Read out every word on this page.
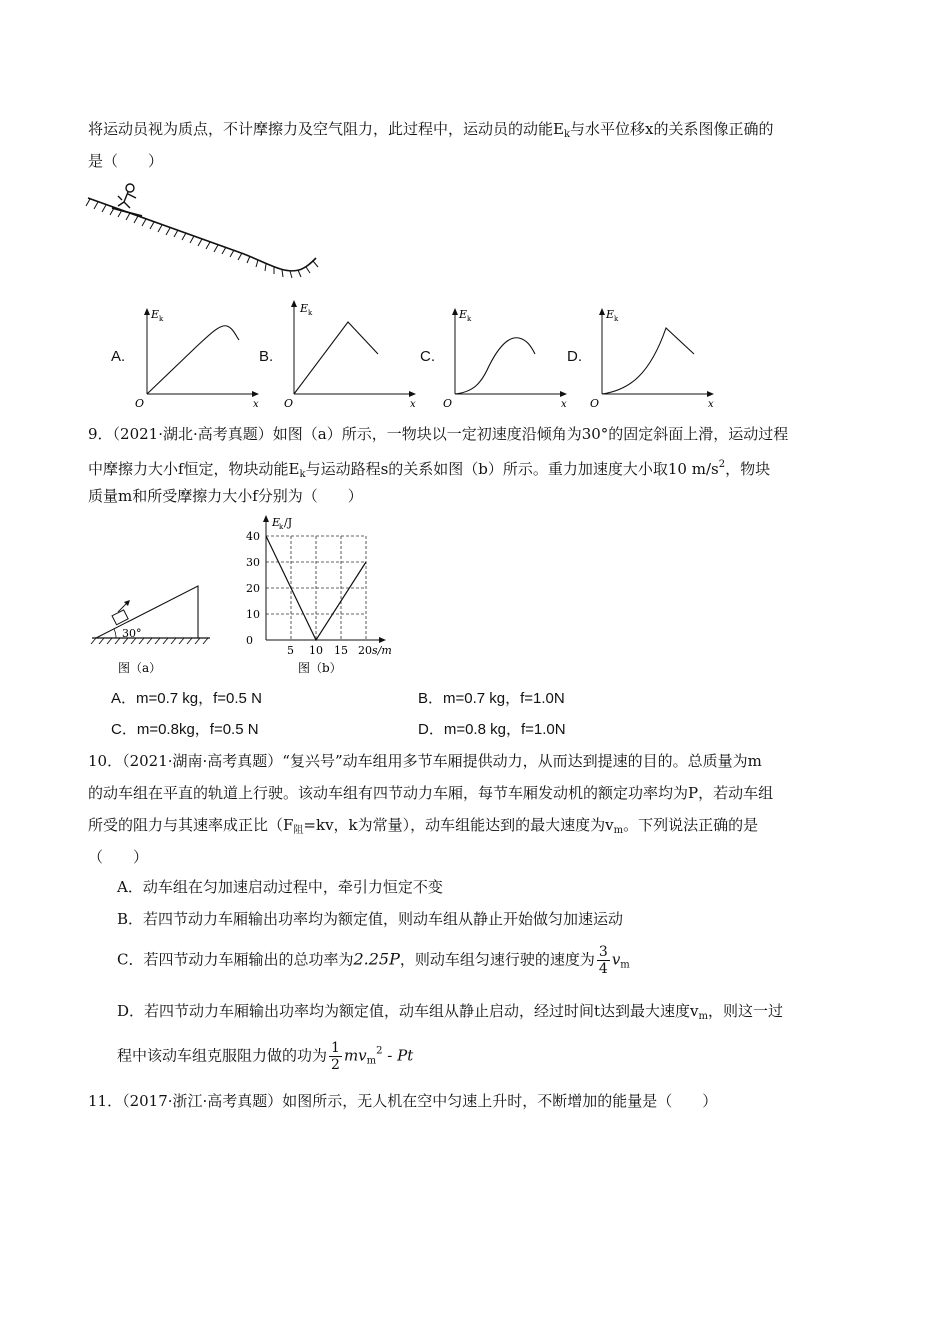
将运动员视为质点，不计摩擦力及空气阻力，此过程中，运动员的动能$E_k$与水平位移x的关系图像正确的
是（　　）
A.
E k
O	x
B.
E k
O	x
C.
E k
O	x
D.
E k
O	x
9．（2021·湖北·高考真题）如图（a）所示，一物块以一定初速度沿倾角为30°的固定斜面上滑，运动过程
中摩擦力大小f恒定，物块动能$E_k$与运动路程s的关系如图（b）所示。重力加速度大小取10 $m/s^2$，物块
质量m和所受摩擦力大小f分别为（　　）
30°
图（a）
E
k /J
0
10
20
30
40
5 10 15 20 s/m
图（b）
A．m=0.7 kg，f=0.5 N	B．m=0.7 kg，f=1.0N
C．m=0.8kg，f=0.5 N	D．m=0.8 kg，f=1.0N
10．（2021·湖南·高考真题）“复兴号”动车组用多节车厢提供动力，从而达到提速的目的。总质量为m
的动车组在平直的轨道上行驶。该动车组有四节动力车厢，每节车厢发动机的额定功率均为P，若动车组
所受的阻力与其速率成正比（$F_阻=kv$，k为常量），动车组能达到的最大速度为$v_m$。下列说法正确的是
（　　）
A．动车组在匀加速启动过程中，牵引力恒定不变
B．若四节动力车厢输出功率均为额定值，则动车组从静止开始做匀加速运动
C．若四节动力车厢输出的总功率为2.25P，则动车组匀速行驶的速度为 $\frac{3}{4} v_m$
D．若四节动力车厢输出功率均为额定值，动车组从静止启动，经过时间t达到最大速度$v_m$，则这一过
程中该动车组克服阻力做的功为 $\frac{1}{2} mv_m^2$ - Pt
11．（2017·浙江·高考真题）如图所示，无人机在空中匀速上升时，不断增加的能量是（　　）
